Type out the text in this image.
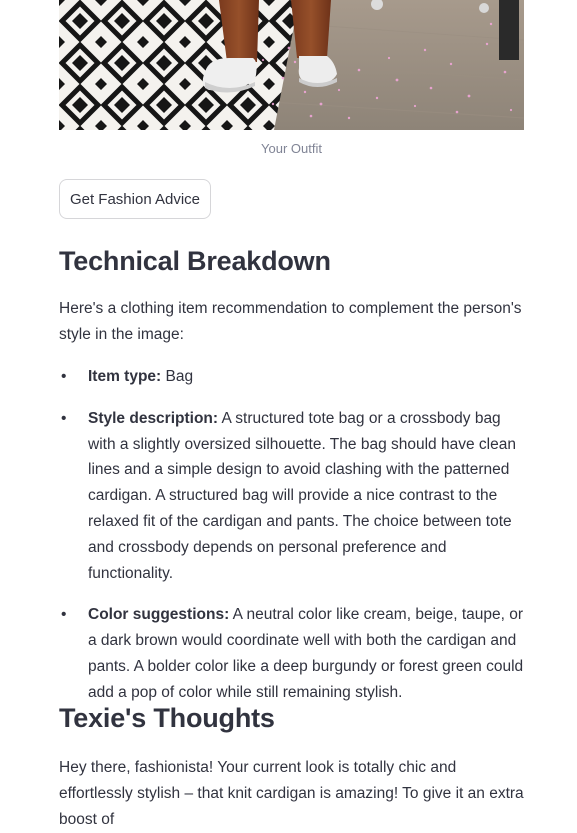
Your Outfit
Get Fashion Advice
Technical Breakdown

Here's a clothing item recommendation to complement the person's style in the image:

• Item type: Bag
• Style description: A structured tote bag or a crossbody bag with a slightly oversized silhouette. The bag should have clean lines and a simple design to avoid clashing with the patterned cardigan. A structured bag will provide a nice contrast to the relaxed fit of the cardigan and pants. The choice between tote and crossbody depends on personal preference and functionality.
• Color suggestions: A neutral color like cream, beige, taupe, or a dark brown would coordinate well with both the cardigan and pants. A bolder color like a deep burgundy or forest green could add a pop of color while still remaining stylish.
Texie's Thoughts

Hey there, fashionista! Your current look is totally chic and effortlessly stylish – that knit cardigan is amazing! To give it an extra boost of
